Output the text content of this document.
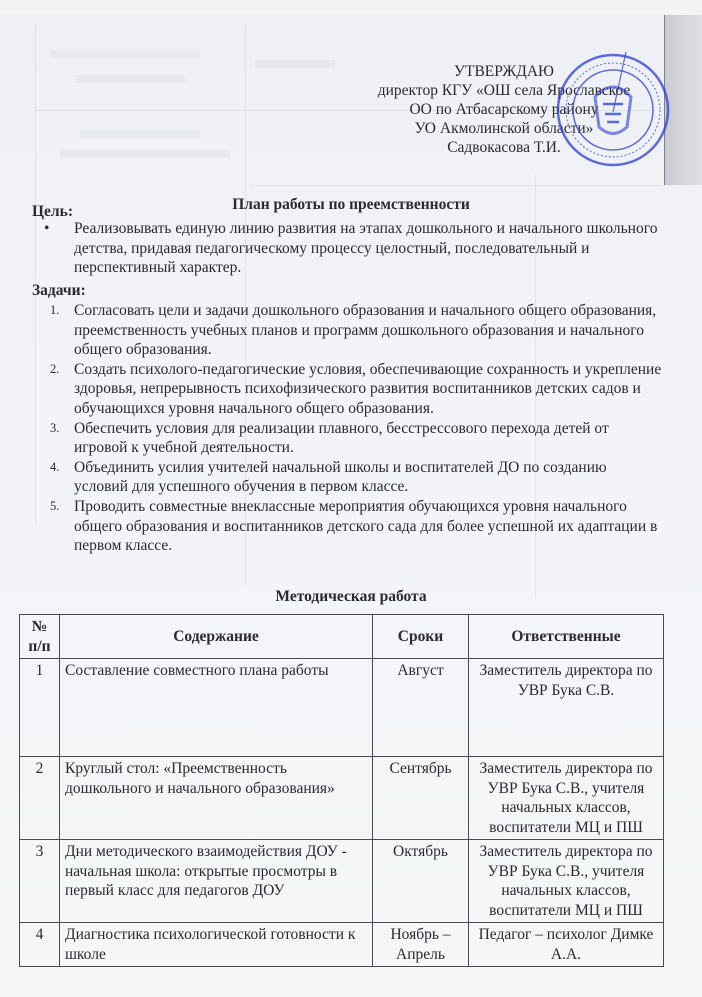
УТВЕРЖДАЮ
директор КГУ «ОШ села Ярославское
ОО по Атбасарскому району
УО Акмолинской области»
Садвокасова Т.И.
План работы по преемственности
Цель:
• Реализовывать единую линию развития на этапах дошкольного и начального школьного детства, придавая педагогическому процессу целостный, последовательный и перспективный характер.
Задачи:
1. Согласовать цели и задачи дошкольного образования и начального общего образования, преемственность учебных планов и программ дошкольного образования и начального общего образования.
2. Создать психолого-педагогические условия, обеспечивающие сохранность и укрепление здоровья, непрерывность психофизического развития воспитанников детских садов и обучающихся уровня начального общего образования.
3. Обеспечить условия для реализации плавного, бесстрессового перехода детей от игровой к учебной деятельности.
4. Объединить усилия учителей начальной школы и воспитателей ДО по созданию условий для успешного обучения в первом классе.
5. Проводить совместные внеклассные мероприятия обучающихся уровня начального общего образования и воспитанников детского сада для более успешной их адаптации в первом классе.
Методическая работа
№ п/п	Содержание	Сроки	Ответственные
1	Составление совместного плана работы	Август	Заместитель директора по УВР Бука С.В.
2	Круглый стол: «Преемственность дошкольного и начального образования»	Сентябрь	Заместитель директора по УВР Бука С.В., учителя начальных классов, воспитатели МЦ и ПШ
3	Дни методического взаимодействия ДОУ - начальная школа: открытые просмотры в первый класс для педагогов ДОУ	Октябрь	Заместитель директора по УВР Бука С.В., учителя начальных классов, воспитатели МЦ и ПШ
4	Диагностика психологической готовности к школе	Ноябрь – Апрель	Педагог – психолог Димке А.А.
